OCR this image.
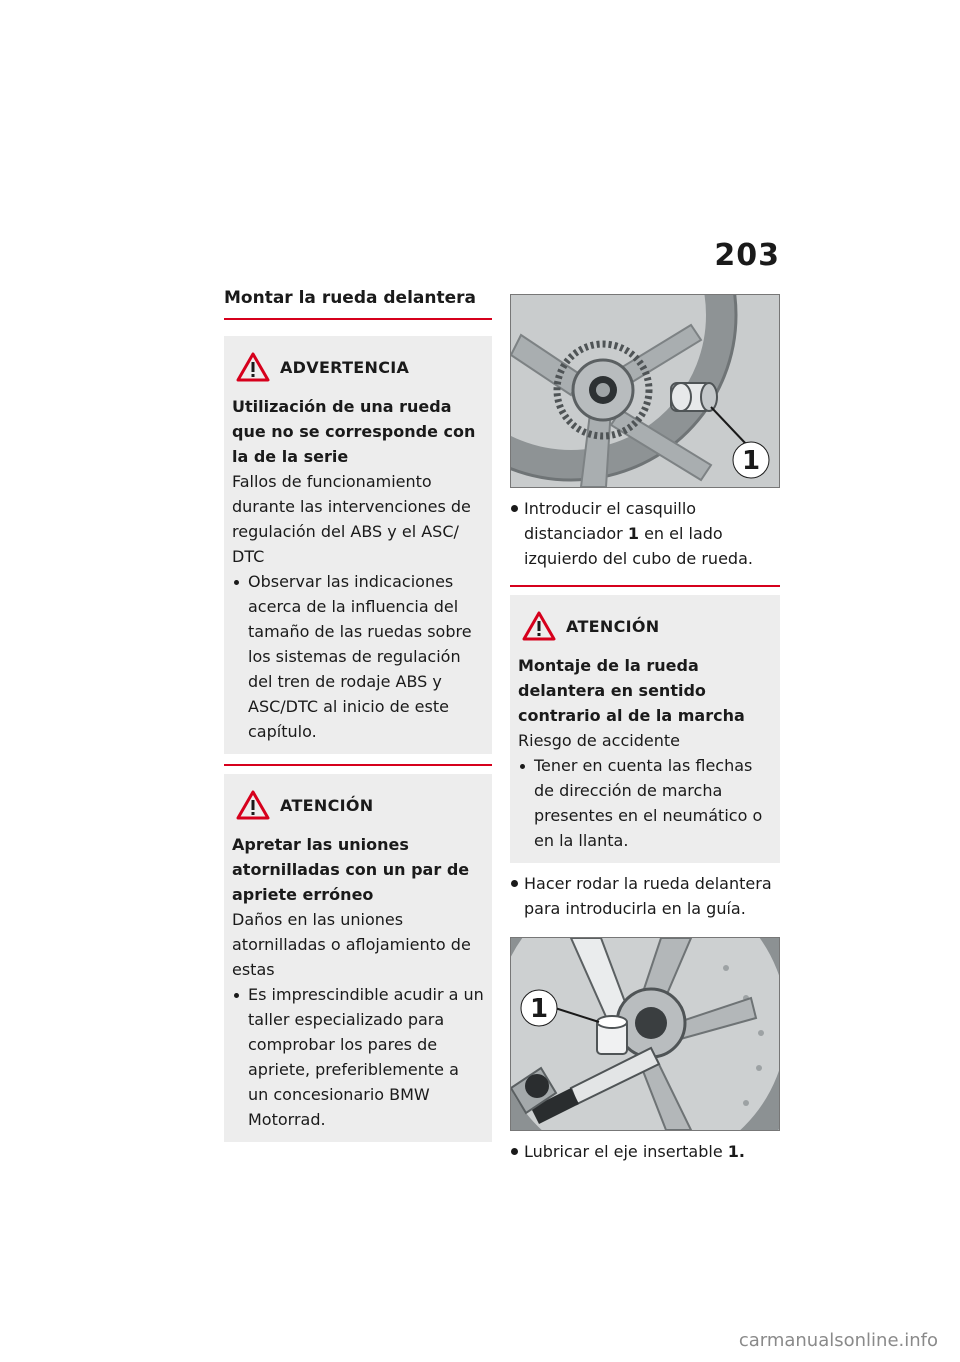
203
Montar la rueda delantera
ADVERTENCIA
Utilización de una rueda que no se corresponde con la de la serie
Fallos de funcionamiento durante las intervenciones de regulación del ABS y el ASC/ DTC
Observar las indicaciones acerca de la influencia del tamaño de las ruedas sobre los sistemas de regulación del tren de rodaje ABS y ASC/DTC al inicio de este capítulo.
ATENCIÓN
Apretar las uniones atornilladas con un par de apriete erróneo
Daños en las uniones atornilladas o aflojamiento de estas
Es imprescindible acudir a un taller especializado para comprobar los pares de apriete, preferiblemente a un concesionario BMW Motorrad.
1
Introducir el casquillo distanciador 1 en el lado izquierdo del cubo de rueda.
ATENCIÓN
Montaje de la rueda delantera en sentido contrario al de la marcha
Riesgo de accidente
Tener en cuenta las flechas de dirección de marcha presentes en el neumático o en la llanta.
Hacer rodar la rueda delantera para introducirla en la guía.
1
Lubricar el eje insertable 1.
carmanualsonline.info
